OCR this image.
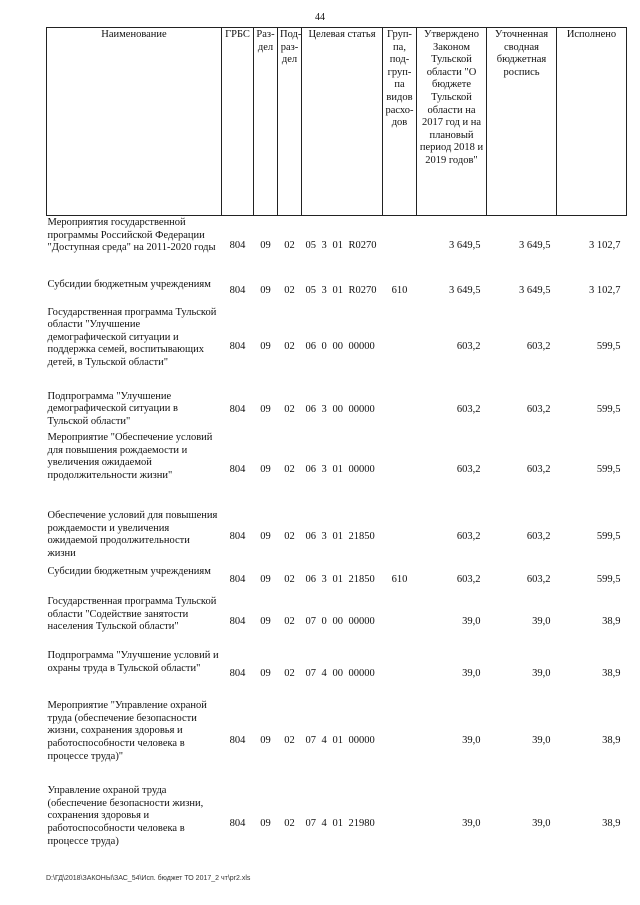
44
Наименование	ГРБС	Раз-дел	Под-раз-дел	Целевая статья	Груп-па, под-груп-па видов расхо-дов	Утверждено Законом Тульской области "О бюджете Тульской области на 2017 год и на плановый период 2018 и 2019 годов"	Уточненная сводная бюджетная роспись	Исполнено
Мероприятия государственной программы Российской Федерации "Доступная среда" на 2011-2020 годы	804	09	02	05 3 01 R0270		3 649,5	3 649,5	3 102,7
Субсидии бюджетным учреждениям	804	09	02	05 3 01 R0270	610	3 649,5	3 649,5	3 102,7
Государственная программа Тульской области "Улучшение демографической ситуации и поддержка семей, воспитывающих детей, в Тульской области"	804	09	02	06 0 00 00000		603,2	603,2	599,5
Подпрограмма "Улучшение демографической ситуации в Тульской области"	804	09	02	06 3 00 00000		603,2	603,2	599,5
Мероприятие "Обеспечение условий для повышения рождаемости и увеличения ожидаемой продолжительности жизни"	804	09	02	06 3 01 00000		603,2	603,2	599,5
Обеспечение условий для повышения рождаемости и увеличения ожидаемой продолжительности жизни	804	09	02	06 3 01 21850		603,2	603,2	599,5
Субсидии бюджетным учреждениям	804	09	02	06 3 01 21850	610	603,2	603,2	599,5
Государственная программа Тульской области "Содействие занятости населения Тульской области"	804	09	02	07 0 00 00000		39,0	39,0	38,9
Подпрограмма "Улучшение условий и охраны труда в Тульской области"	804	09	02	07 4 00 00000		39,0	39,0	38,9
Мероприятие "Управление охраной труда (обеспечение безопасности жизни, сохранения здоровья и работоспособности человека в процессе труда)"	804	09	02	07 4 01 00000		39,0	39,0	38,9
Управление охраной труда (обеспечение безопасности жизни, сохранения здоровья и работоспособности человека в процессе труда)	804	09	02	07 4 01 21980		39,0	39,0	38,9
D:\ГД\2018\ЗАКОНЫ\ЗАС_54\Исп. бюджет ТО 2017_2 чт\pr2.xls
